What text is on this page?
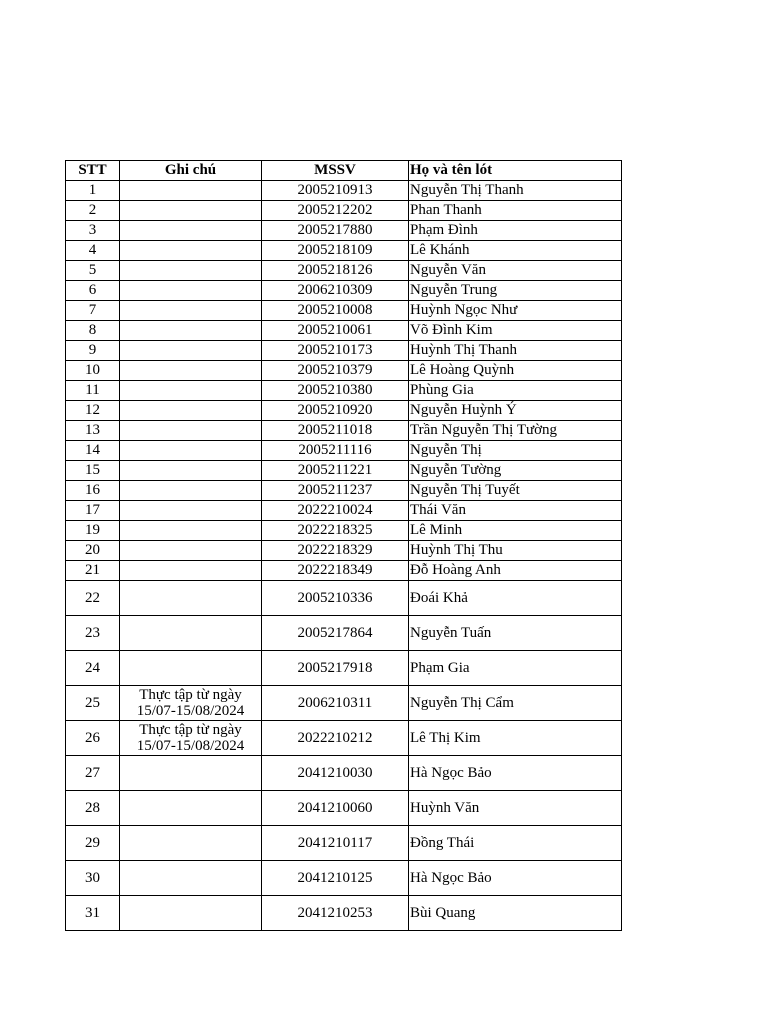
STT	Ghi chú	MSSV	Họ và tên lót
1		2005210913	Nguyễn Thị Thanh
2		2005212202	Phan Thanh
3		2005217880	Phạm Đình
4		2005218109	Lê Khánh
5		2005218126	Nguyễn Văn
6		2006210309	Nguyễn Trung
7		2005210008	Huỳnh Ngọc Như
8		2005210061	Võ Đình Kim
9		2005210173	Huỳnh Thị Thanh
10		2005210379	Lê Hoàng Quỳnh
11		2005210380	Phùng Gia
12		2005210920	Nguyễn Huỳnh Ý
13		2005211018	Trần Nguyễn Thị Tường
14		2005211116	Nguyễn Thị
15		2005211221	Nguyễn Tường
16		2005211237	Nguyễn Thị Tuyết
17		2022210024	Thái Văn
19		2022218325	Lê Minh
20		2022218329	Huỳnh Thị Thu
21		2022218349	Đỗ Hoàng Anh
22		2005210336	Đoái Khả
23		2005217864	Nguyễn Tuấn
24		2005217918	Phạm Gia
25	Thực tập từ ngày 15/07-15/08/2024	2006210311	Nguyễn Thị Cẩm
26	Thực tập từ ngày 15/07-15/08/2024	2022210212	Lê Thị Kim
27		2041210030	Hà Ngọc Bảo
28		2041210060	Huỳnh Văn
29		2041210117	Đồng Thái
30		2041210125	Hà Ngọc Bảo
31		2041210253	Bùi Quang
